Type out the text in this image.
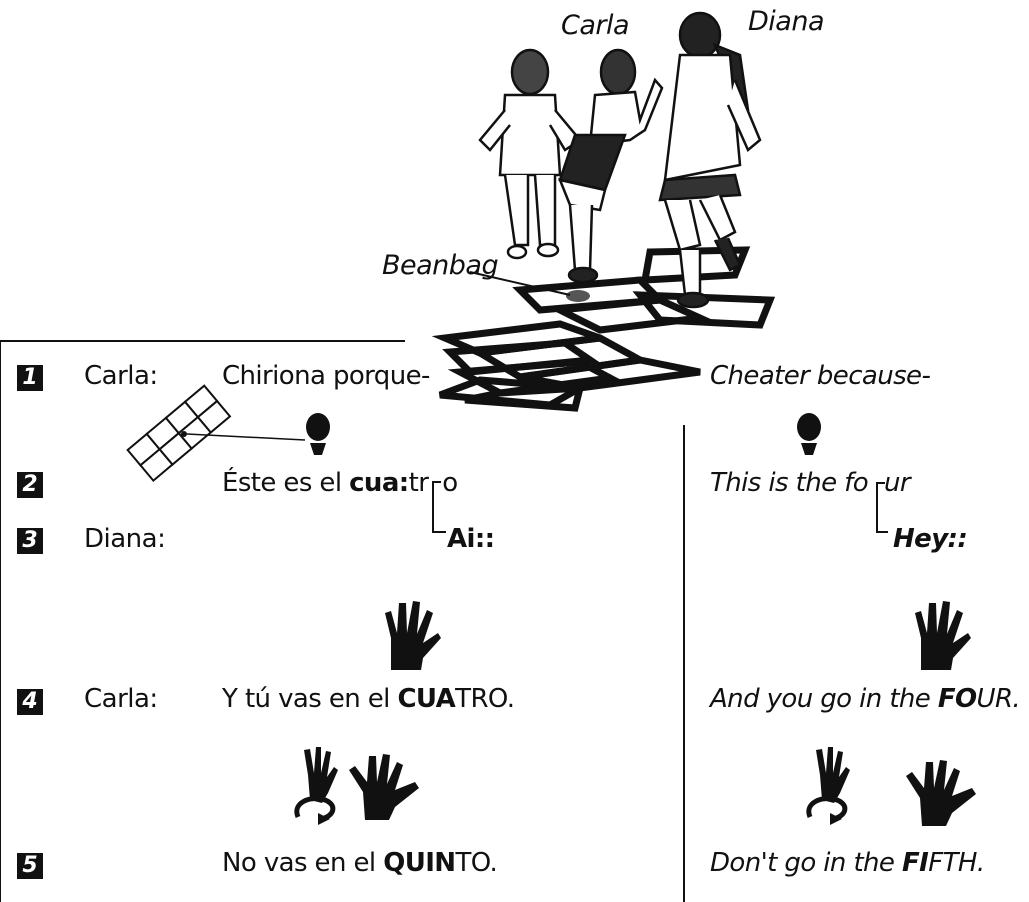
Carla	Diana
Beanbag
1 Carla: Chiriona porque-	Cheater because-
2	Éste es el cua:tr o	This is the fo ur
3 Diana:	Ai::	Hey::
4 Carla: Y tú vas en el CUATRO.	And you go in the FOUR.
5	No vas en el QUINTO.	Don't go in the FIFTH.
